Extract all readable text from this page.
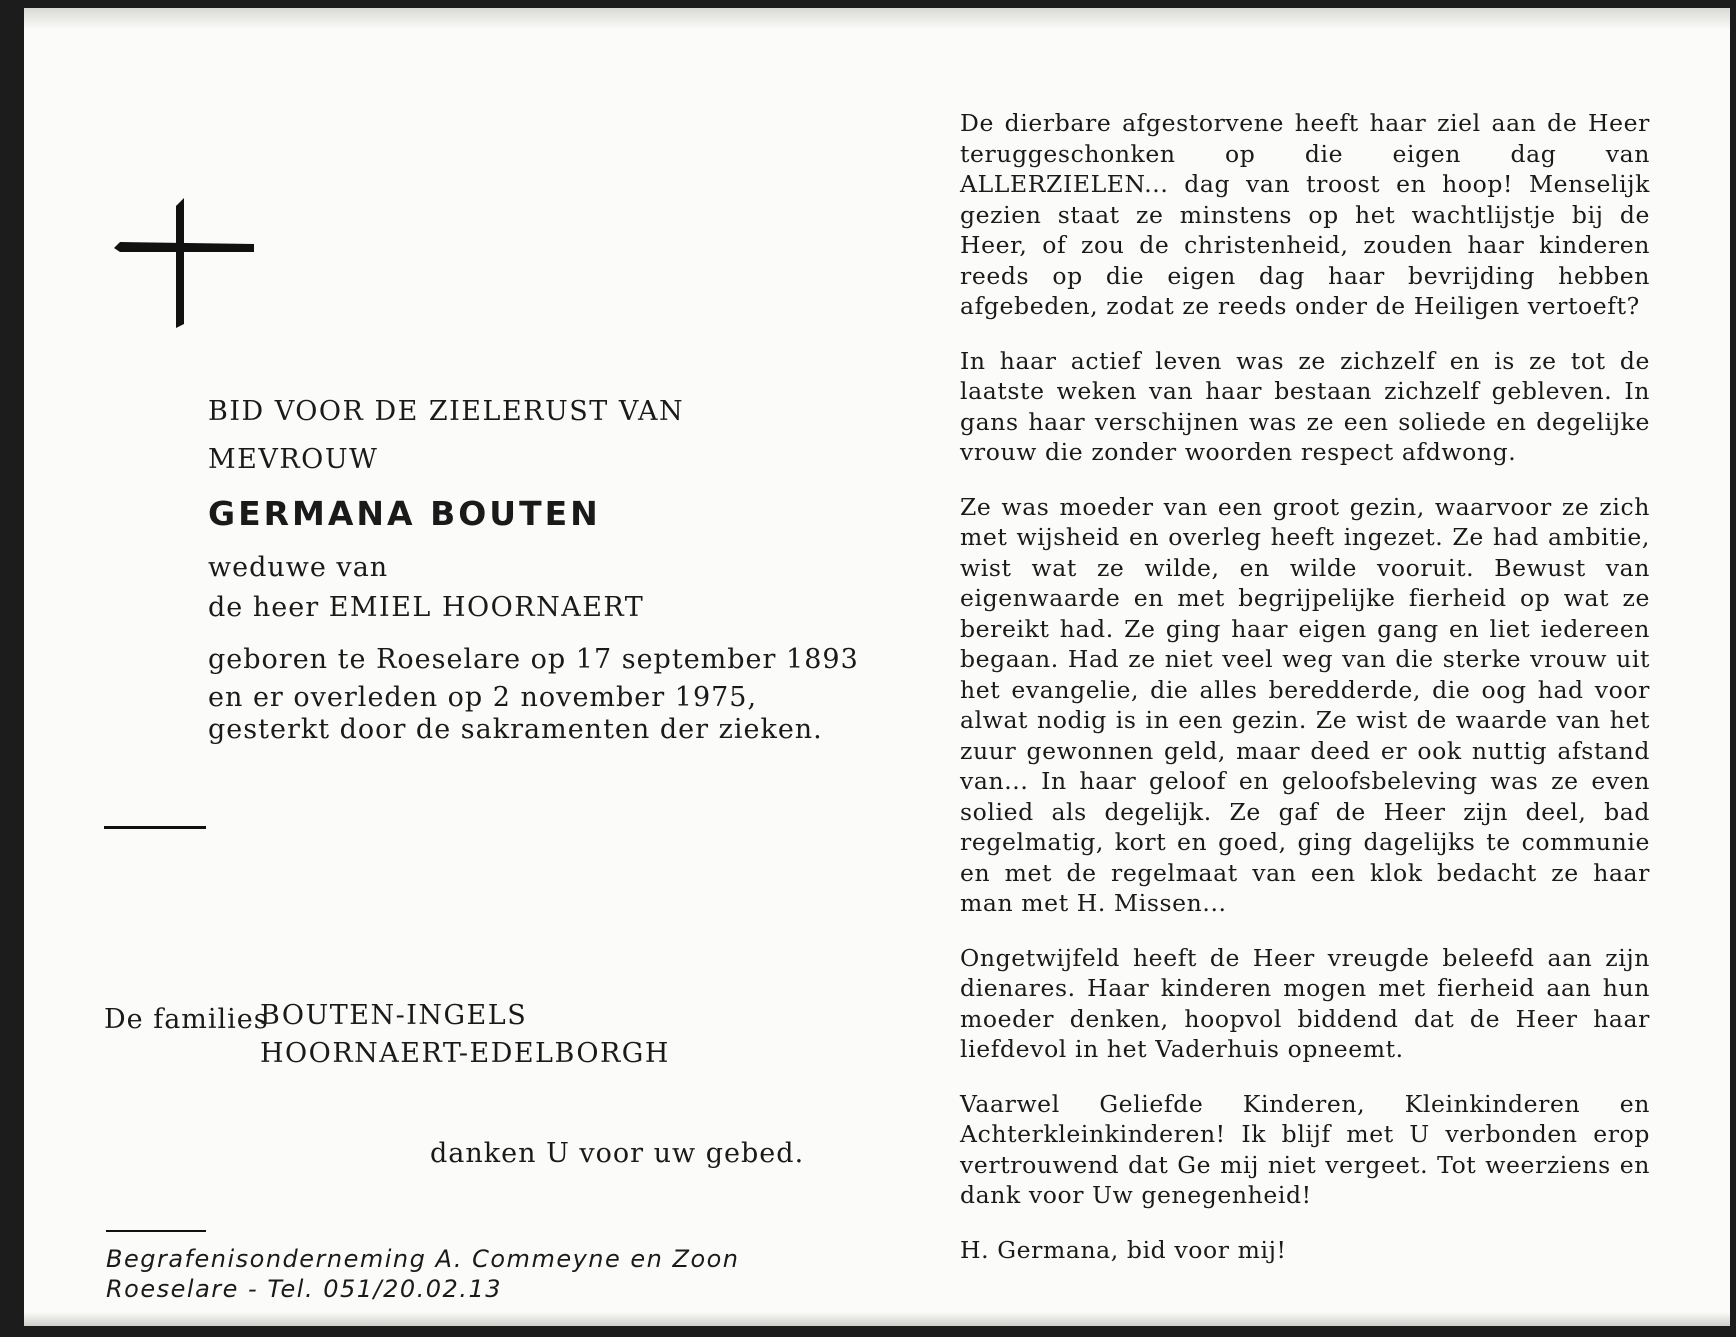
BID VOOR DE ZIELERUST VAN
MEVROUW
GERMANA BOUTEN
weduwe van
de heer EMIEL HOORNAERT
geboren te Roeselare op 17 september 1893
en er overleden op 2 november 1975,
gesterkt door de sakramenten der zieken.
De families
BOUTEN-INGELS
HOORNAERT-EDELBORGH
danken U voor uw gebed.
Begrafenisonderneming A. Commeyne en Zoon
Roeselare - Tel. 051/20.02.13

De dierbare afgestorvene heeft haar ziel aan de Heer teruggeschonken op die eigen dag van ALLERZIELEN... dag van troost en hoop! Menselijk gezien staat ze minstens op het wachtlijstje bij de Heer, of zou de christenheid, zouden haar kinderen reeds op die eigen dag haar bevrijding hebben afgebeden, zodat ze reeds onder de Heiligen vertoeft?

In haar actief leven was ze zichzelf en is ze tot de laatste weken van haar bestaan zichzelf gebleven. In gans haar verschijnen was ze een soliede en degelijke vrouw die zonder woorden respect afdwong.

Ze was moeder van een groot gezin, waarvoor ze zich met wijsheid en overleg heeft ingezet. Ze had ambitie, wist wat ze wilde, en wilde vooruit. Bewust van eigenwaarde en met begrijpelijke fierheid op wat ze bereikt had. Ze ging haar eigen gang en liet iedereen begaan. Had ze niet veel weg van die sterke vrouw uit het evangelie, die alles beredderde, die oog had voor alwat nodig is in een gezin. Ze wist de waarde van het zuur gewonnen geld, maar deed er ook nuttig afstand van... In haar geloof en geloofsbeleving was ze even solied als degelijk. Ze gaf de Heer zijn deel, bad regelmatig, kort en goed, ging dagelijks te communie en met de regelmaat van een klok bedacht ze haar man met H. Missen...

Ongetwijfeld heeft de Heer vreugde beleefd aan zijn dienares. Haar kinderen mogen met fierheid aan hun moeder denken, hoopvol biddend dat de Heer haar liefdevol in het Vaderhuis opneemt.

Vaarwel Geliefde Kinderen, Kleinkinderen en Achterkleinkinderen! Ik blijf met U verbonden erop vertrouwend dat Ge mij niet vergeet. Tot weerziens en dank voor Uw genegenheid!

H. Germana, bid voor mij!
